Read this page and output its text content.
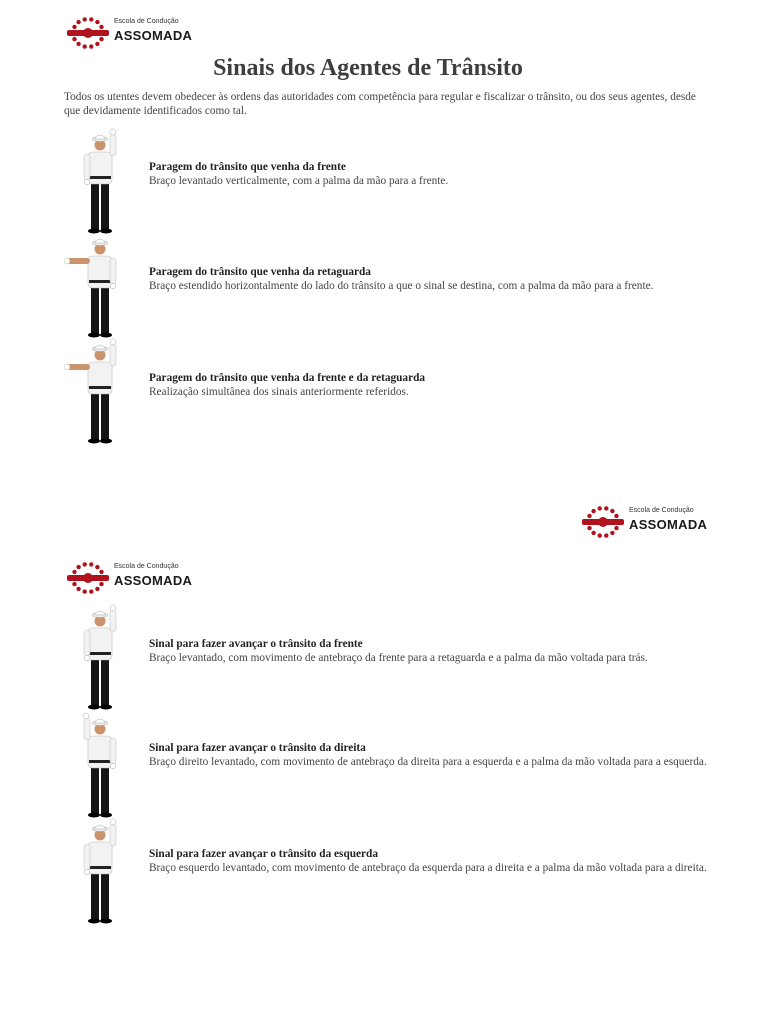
Escola de Condução
ASSOMADA
Sinais dos Agentes de Trânsito

Todos os utentes devem obedecer às ordens das autoridades com competência para regular e fiscalizar o trânsito, ou dos seus agentes, desde que devidamente identificados como tal.

Paragem do trânsito que venha da frente
Braço levantado verticalmente, com a palma da mão para a frente.
Paragem do trânsito que venha da retaguarda
Braço estendido horizontalmente do lado do trânsito a que o sinal se destina, com a palma da mão para a frente.
Paragem do trânsito que venha da frente e da retaguarda
Realização simultânea dos sinais anteriormente referidos.
Escola de Condução
ASSOMADA
Escola de Condução
ASSOMADA
Sinal para fazer avançar o trânsito da frente
Braço levantado, com movimento de antebraço da frente para a retaguarda e a palma da mão voltada para trás.
Sinal para fazer avançar o trânsito da direita
Braço direito levantado, com movimento de antebraço da direita para a esquerda e a palma da mão voltada para a esquerda.
Sinal para fazer avançar o trânsito da esquerda
Braço esquerdo levantado, com movimento de antebraço da esquerda para a direita e a palma da mão voltada para a direita.
